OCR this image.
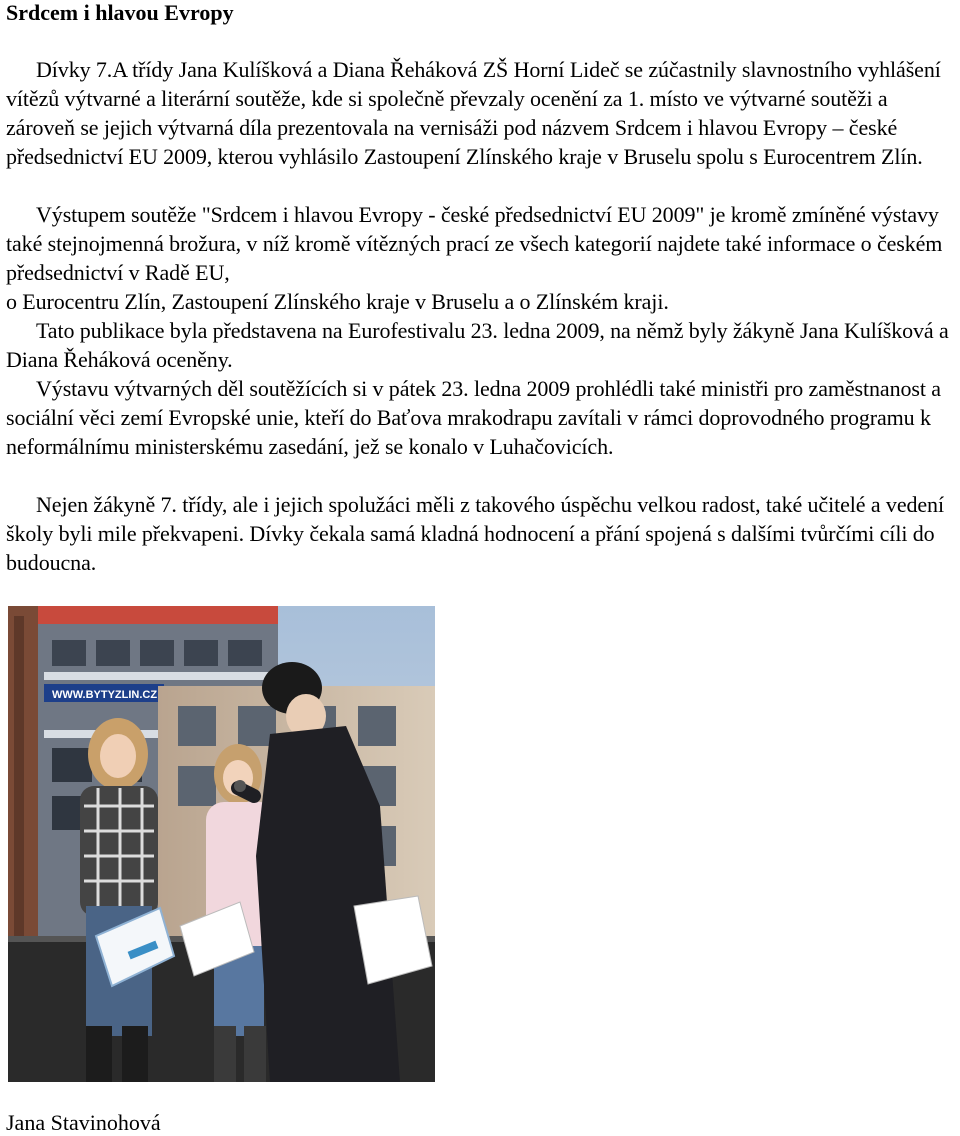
Srdcem i hlavou Evropy

Dívky 7.A třídy Jana Kulíšková a Diana Řeháková ZŠ Horní Lideč se zúčastnily slavnostního vyhlášení vítězů výtvarné a literární soutěže, kde si společně převzaly ocenění za 1. místo ve výtvarné soutěži a zároveň se jejich výtvarná díla prezentovala na vernisáži pod názvem Srdcem i hlavou Evropy – české předsednictví EU 2009, kterou vyhlásilo Zastoupení Zlínského kraje v Bruselu spolu s Eurocentrem Zlín.

Výstupem soutěže "Srdcem i hlavou Evropy - české předsednictví EU 2009" je kromě zmíněné výstavy také stejnojmenná brožura, v níž kromě vítězných prací ze všech kategorií najdete také informace o českém předsednictví v Radě EU,

o Eurocentru Zlín, Zastoupení Zlínského kraje v Bruselu a o Zlínském kraji.

Tato publikace byla představena na Eurofestivalu 23. ledna 2009, na němž byly žákyně Jana Kulíšková a Diana Řeháková oceněny.

Výstavu výtvarných děl soutěžících si v pátek 23. ledna 2009 prohlédli také ministři pro zaměstnanost a sociální věci zemí Evropské unie, kteří do Baťova mrakodrapu zavítali v rámci doprovodného programu k neformálnímu ministerskému zasedání, jež se konalo v Luhačovicích.

Nejen žákyně 7. třídy, ale i jejich spolužáci měli z takového úspěchu velkou radost, také učitelé a vedení školy byli mile překvapeni. Dívky čekala samá kladná hodnocení a přání spojená s dalšími tvůrčími cíli do budoucna.

WWW.BYTYZLIN.CZ

Jana Stavinohová
